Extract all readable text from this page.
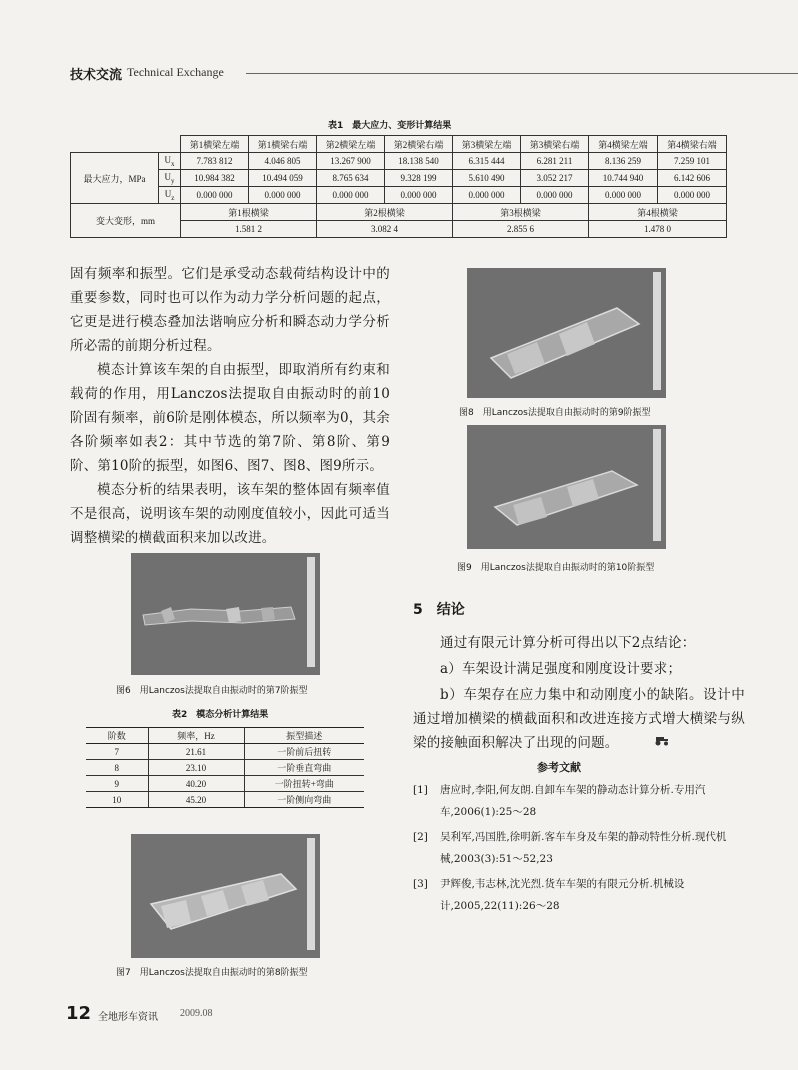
技术交流 Technical Exchange
⠀
表1　最大应力、变形计算结果
		第1横梁左端	第1横梁右端	第2横梁左端	第2横梁右端	第3横梁左端	第3横梁右端	第4横梁左端	第4横梁右端
最大应力，MPa	$U_x$	7.783 812	4.046 805	13.267 900	18.138 540	6.315 444	6.281 211	8.136 259	7.259 101
	$U_y$	10.984 382	10.494 059	8.765 634	9.328 199	5.610 490	3.052 217	10.744 940	6.142 606
	$U_z$	0.000 000	0.000 000	0.000 000	0.000 000	0.000 000	0.000 000	0.000 000	0.000 000
变大变形，mm		第1根横梁		第2根横梁		第3根横梁		第4根横梁	
		1.581 2		3.082 4		2.855 6		1.478 0	
固有频率和振型。它们是承受动态载荷结构设计中的重要参数，同时也可以作为动力学分析问题的起点，它更是进行模态叠加法谐响应分析和瞬态动力学分析所必需的前期分析过程。
模态计算该车架的自由振型，即取消所有约束和载荷的作用，用Lanczos法提取自由振动时的前10阶固有频率，前6阶是刚体模态，所以频率为0，其余各阶频率如表2：其中节选的第7阶、第8阶、第9阶、第10阶的振型，如图6、图7、图8、图9所示。
模态分析的结果表明，该车架的整体固有频率值不是很高，说明该车架的动刚度值较小，因此可适当调整横梁的横截面积来加以改进。
图6　用Lanczos法提取自由振动时的第7阶振型
表2　模态分析计算结果
阶数	频率，Hz	振型描述
7	21.61	一阶前后扭转
8	23.10	一阶垂直弯曲
9	40.20	一阶扭转+弯曲
10	45.20	一阶侧向弯曲
图7　用Lanczos法提取自由振动时的第8阶振型
图8　用Lanczos法提取自由振动时的第9阶振型
图9　用Lanczos法提取自由振动时的第10阶振型
5　结论
通过有限元计算分析可得出以下2点结论：
a）车架设计满足强度和刚度设计要求；
b）车架存在应力集中和动刚度小的缺陷。设计中通过增加横梁的横截面积和改进连接方式增大横梁与纵梁的接触面积解决了出现的问题。
参考文献
[1] 唐应时,李阳,何友朗.自卸车车架的静动态计算分析.专用汽车,2006(1):25～28
[2] 吴利军,冯国胜,徐明新.客车车身及车架的静动特性分析.现代机械,2003(3):51～52,23
[3] 尹辉俊,韦志林,沈光烈.货车车架的有限元分析.机械设计,2005,22(11):26～28
12 全地形车资讯 2009.08
